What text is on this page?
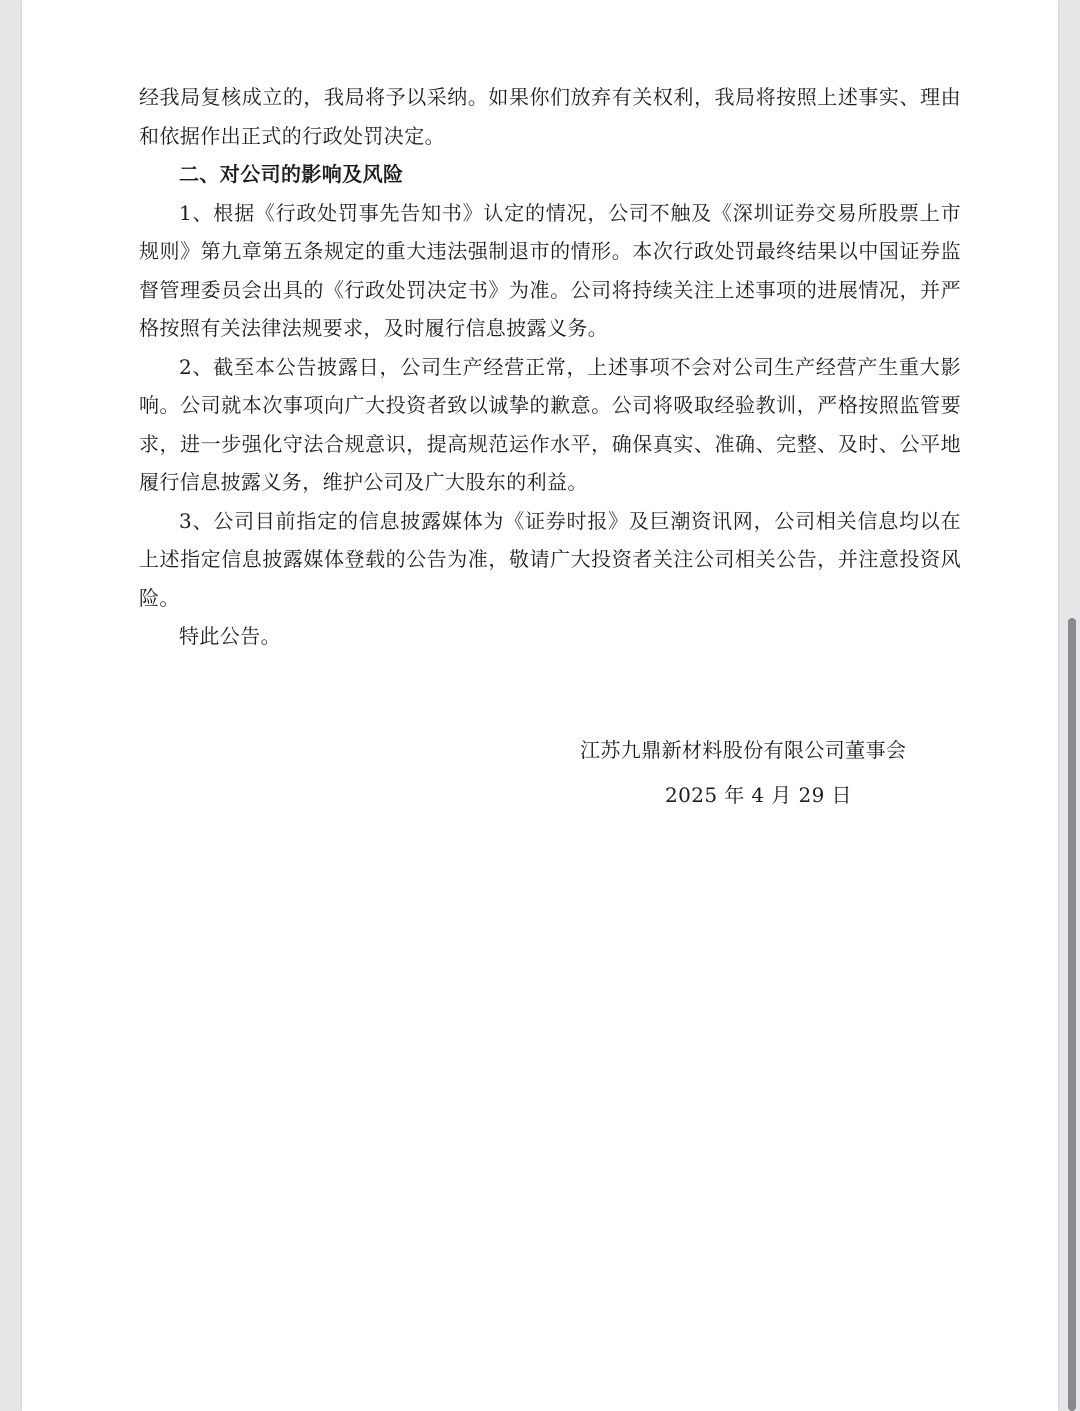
经我局复核成立的，我局将予以采纳。如果你们放弃有关权利，我局将按照上述事实、理由和依据作出正式的行政处罚决定。

二、对公司的影响及风险

1、根据《行政处罚事先告知书》认定的情况，公司不触及《深圳证券交易所股票上市规则》第九章第五条规定的重大违法强制退市的情形。本次行政处罚最终结果以中国证券监督管理委员会出具的《行政处罚决定书》为准。公司将持续关注上述事项的进展情况，并严格按照有关法律法规要求，及时履行信息披露义务。

2、截至本公告披露日，公司生产经营正常，上述事项不会对公司生产经营产生重大影响。公司就本次事项向广大投资者致以诚挚的歉意。公司将吸取经验教训，严格按照监管要求，进一步强化守法合规意识，提高规范运作水平，确保真实、准确、完整、及时、公平地履行信息披露义务，维护公司及广大股东的利益。

3、公司目前指定的信息披露媒体为《证券时报》及巨潮资讯网，公司相关信息均以在上述指定信息披露媒体登载的公告为准，敬请广大投资者关注公司相关公告，并注意投资风险。

特此公告。

江苏九鼎新材料股份有限公司董事会
2025 年 4 月 29 日
